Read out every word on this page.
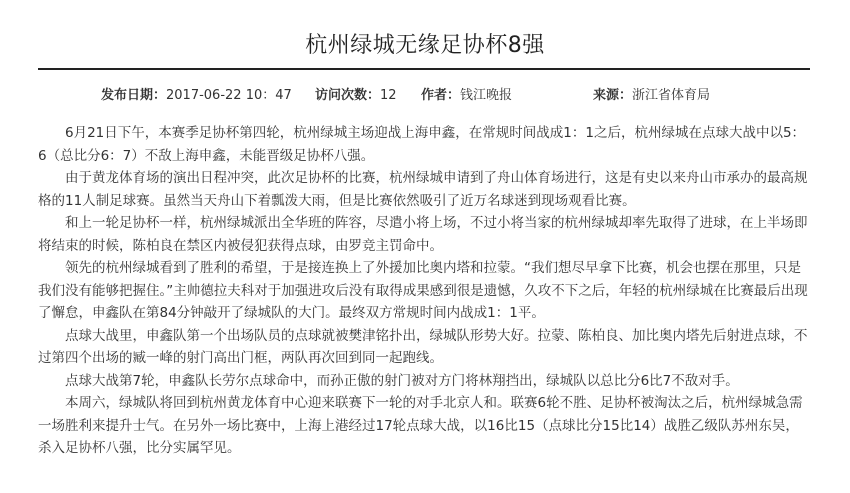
杭州绿城无缘足协杯8强
发布日期：2017-06-22 10：47 访问次数：12 作者：钱江晚报	来源：浙江省体育局

6月21日下午，本赛季足协杯第四轮，杭州绿城主场迎战上海申鑫，在常规时间战成1：1之后，杭州绿城在点球大战中以5：6（总比分6：7）不敌上海申鑫，未能晋级足协杯八强。

由于黄龙体育场的演出日程冲突，此次足协杯的比赛，杭州绿城申请到了舟山体育场进行，这是有史以来舟山市承办的最高规格的11人制足球赛。虽然当天舟山下着瓢泼大雨，但是比赛依然吸引了近万名球迷到现场观看比赛。

和上一轮足协杯一样，杭州绿城派出全华班的阵容，尽遣小将上场，不过小将当家的杭州绿城却率先取得了进球，在上半场即将结束的时候，陈柏良在禁区内被侵犯获得点球，由罗竞主罚命中。

领先的杭州绿城看到了胜利的希望，于是接连换上了外援加比奥内塔和拉蒙。“我们想尽早拿下比赛，机会也摆在那里，只是我们没有能够把握住。”主帅德拉夫科对于加强进攻后没有取得成果感到很是遗憾，久攻不下之后，年轻的杭州绿城在比赛最后出现了懈怠，申鑫队在第84分钟敲开了绿城队的大门。最终双方常规时间内战成1：1平。

点球大战里，申鑫队第一个出场队员的点球就被樊津铭扑出，绿城队形势大好。拉蒙、陈柏良、加比奥内塔先后射进点球，不过第四个出场的臧一峰的射门高出门框，两队再次回到同一起跑线。

点球大战第7轮，申鑫队长劳尔点球命中，而孙正傲的射门被对方门将林翔挡出，绿城队以总比分6比7不敌对手。

本周六，绿城队将回到杭州黄龙体育中心迎来联赛下一轮的对手北京人和。联赛6轮不胜、足协杯被淘汰之后，杭州绿城急需一场胜利来提升士气。在另外一场比赛中，上海上港经过17轮点球大战，以16比15（点球比分15比14）战胜乙级队苏州东吴，杀入足协杯八强，比分实属罕见。
